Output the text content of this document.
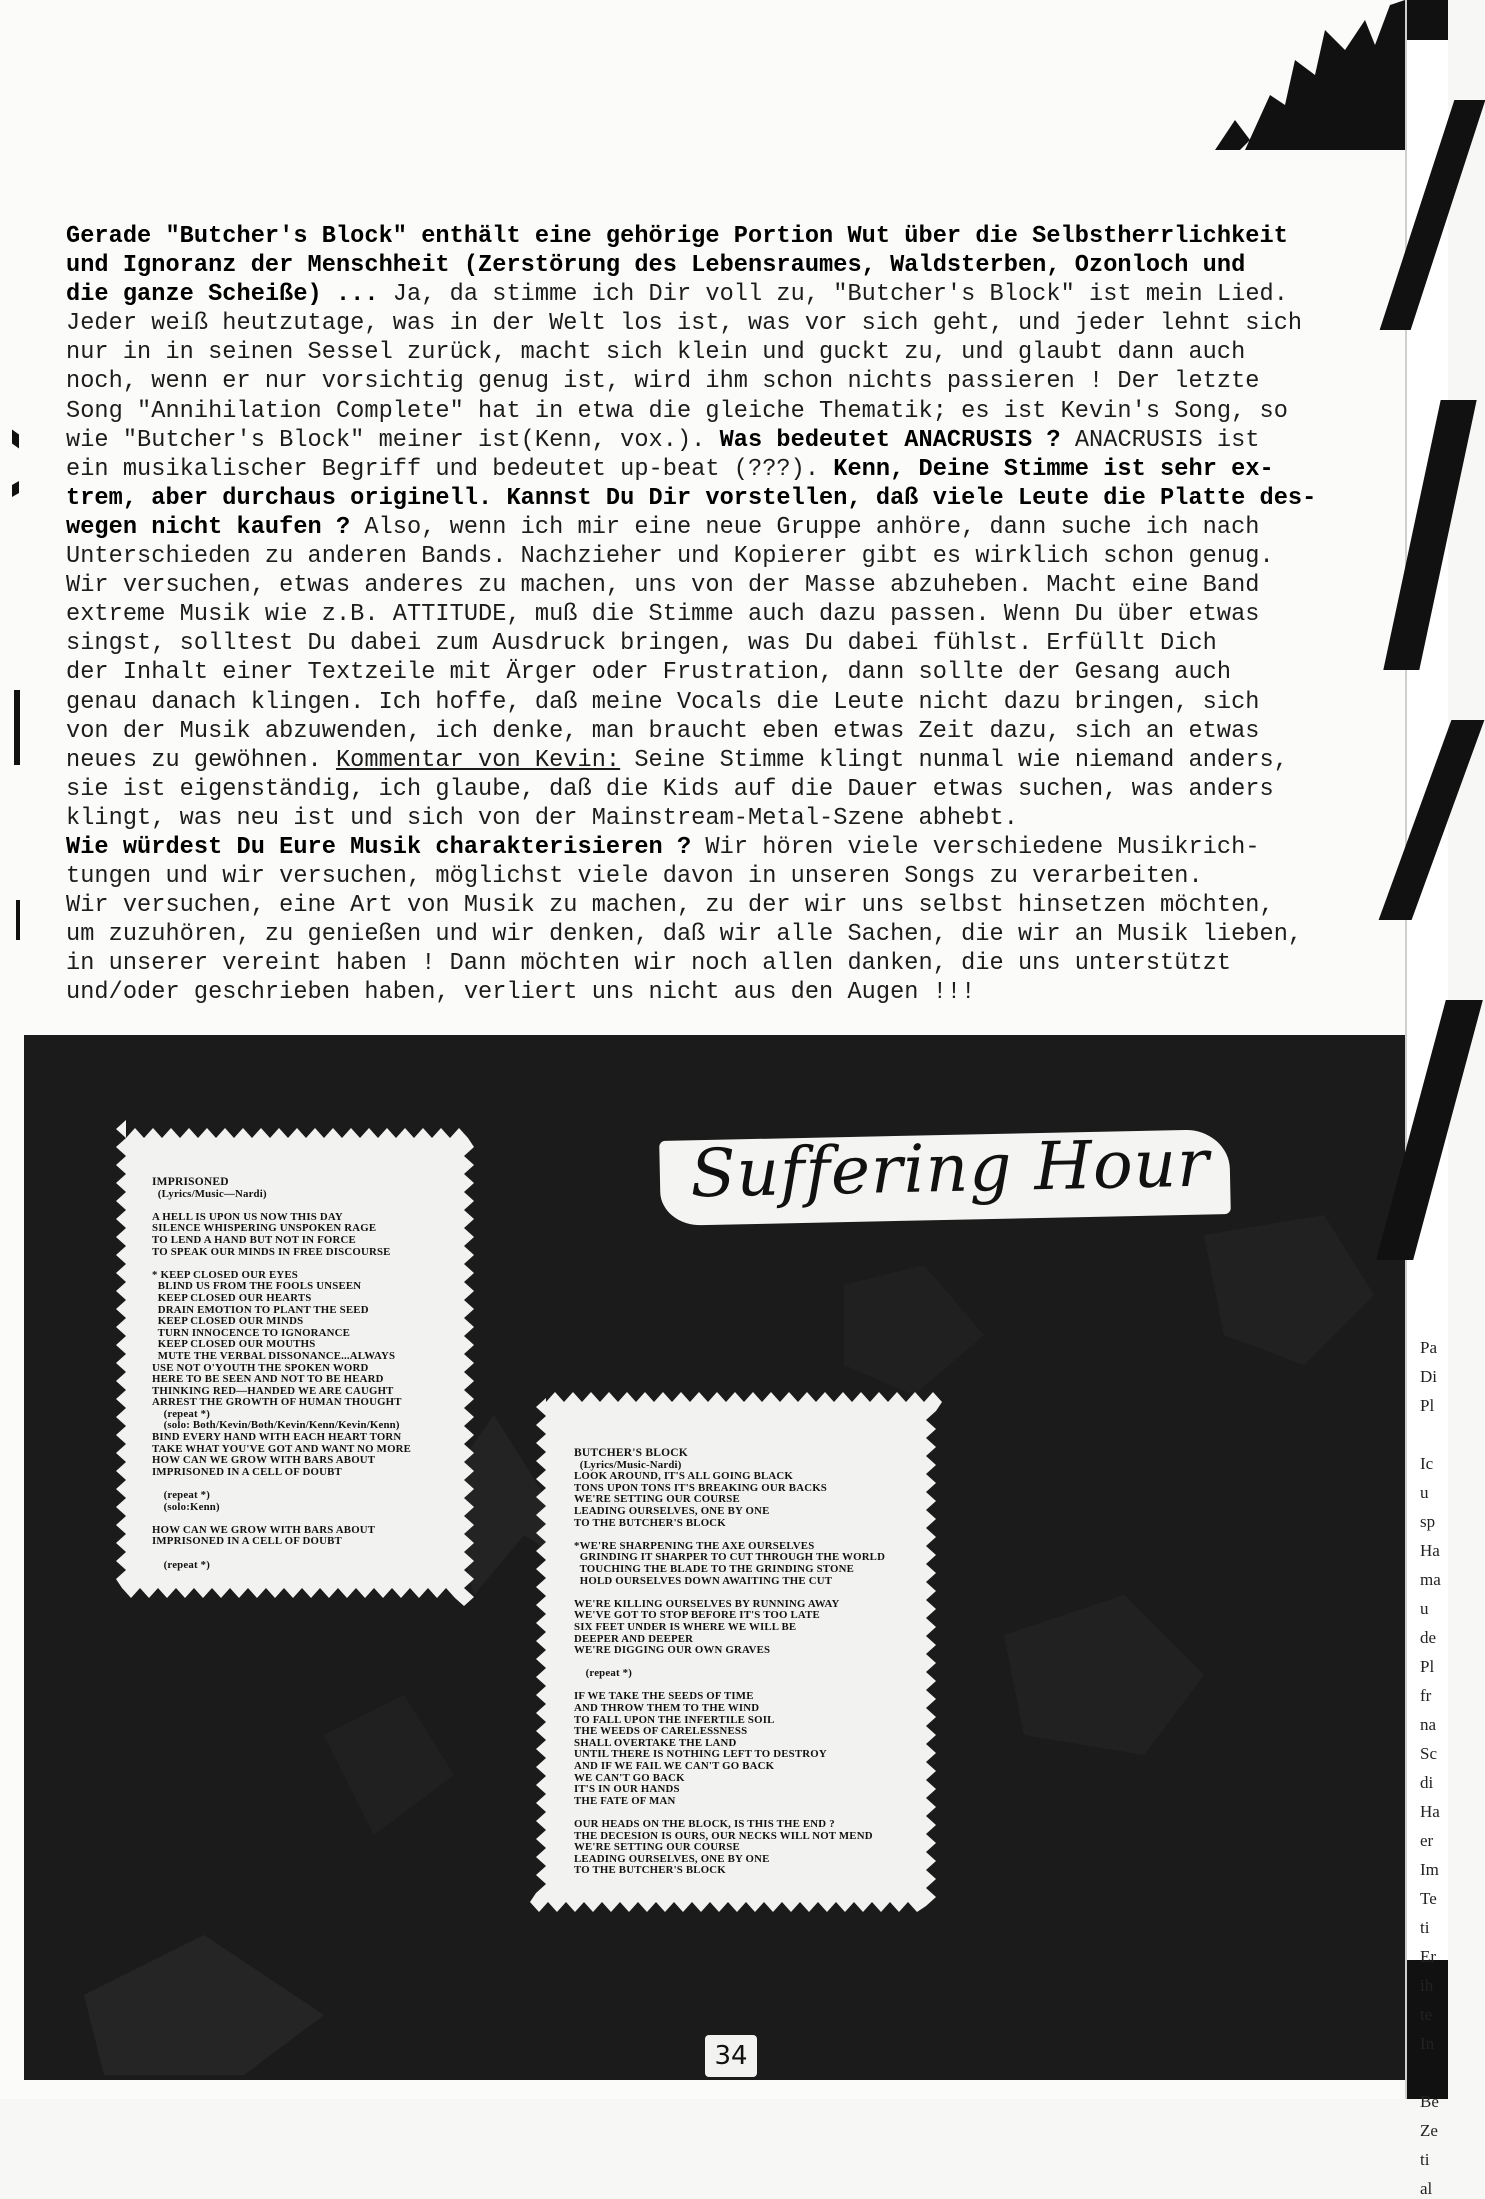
Gerade "Butcher's Block" enthält eine gehörige Portion Wut über die Selbstherrlichkeit
und Ignoranz der Menschheit (Zerstörung des Lebensraumes, Waldsterben, Ozonloch und
die ganze Scheiße) ... Ja, da stimme ich Dir voll zu, "Butcher's Block" ist mein Lied.
Jeder weiß heutzutage, was in der Welt los ist, was vor sich geht, und jeder lehnt sich
nur in in seinen Sessel zurück, macht sich klein und guckt zu, und glaubt dann auch
noch, wenn er nur vorsichtig genug ist, wird ihm schon nichts passieren ! Der letzte
Song "Annihilation Complete" hat in etwa die gleiche Thematik; es ist Kevin's Song, so
wie "Butcher's Block" meiner ist(Kenn, vox.). Was bedeutet ANACRUSIS ? ANACRUSIS ist
ein musikalischer Begriff und bedeutet up-beat (???). Kenn, Deine Stimme ist sehr ex-
trem, aber durchaus originell. Kannst Du Dir vorstellen, daß viele Leute die Platte des-
wegen nicht kaufen ? Also, wenn ich mir eine neue Gruppe anhöre, dann suche ich nach
Unterschieden zu anderen Bands. Nachzieher und Kopierer gibt es wirklich schon genug.
Wir versuchen, etwas anderes zu machen, uns von der Masse abzuheben. Macht eine Band
extreme Musik wie z.B. ATTITUDE, muß die Stimme auch dazu passen. Wenn Du über etwas
singst, solltest Du dabei zum Ausdruck bringen, was Du dabei fühlst. Erfüllt Dich
der Inhalt einer Textzeile mit Ärger oder Frustration, dann sollte der Gesang auch
genau danach klingen. Ich hoffe, daß meine Vocals die Leute nicht dazu bringen, sich
von der Musik abzuwenden, ich denke, man braucht eben etwas Zeit dazu, sich an etwas
neues zu gewöhnen. Kommentar von Kevin: Seine Stimme klingt nunmal wie niemand anders,
sie ist eigenständig, ich glaube, daß die Kids auf die Dauer etwas suchen, was anders
klingt, was neu ist und sich von der Mainstream-Metal-Szene abhebt.
Wie würdest Du Eure Musik charakterisieren ? Wir hören viele verschiedene Musikrich-
tungen und wir versuchen, möglichst viele davon in unseren Songs zu verarbeiten.
Wir versuchen, eine Art von Musik zu machen, zu der wir uns selbst hinsetzen möchten,
um zuzuhören, zu genießen und wir denken, daß wir alle Sachen, die wir an Musik lieben,
in unserer vereint haben ! Dann möchten wir noch allen danken, die uns unterstützt
und/oder geschrieben haben, verliert uns nicht aus den Augen !!!
Suffering Hour
IMPRISONED
(Lyrics/Music—Nardi)

A HELL IS UPON US NOW THIS DAY
SILENCE WHISPERING UNSPOKEN RAGE
TO LEND A HAND BUT NOT IN FORCE
TO SPEAK OUR MINDS IN FREE DISCOURSE

* KEEP CLOSED OUR EYES
BLIND US FROM THE FOOLS UNSEEN
KEEP CLOSED OUR HEARTS
DRAIN EMOTION TO PLANT THE SEED
KEEP CLOSED OUR MINDS
TURN INNOCENCE TO IGNORANCE
KEEP CLOSED OUR MOUTHS
MUTE THE VERBAL DISSONANCE...ALWAYS
USE NOT O'YOUTH THE SPOKEN WORD
HERE TO BE SEEN AND NOT TO BE HEARD
THINKING RED—HANDED WE ARE CAUGHT
ARREST THE GROWTH OF HUMAN THOUGHT
(repeat *)
(solo: Both/Kevin/Both/Kevin/Kenn/Kevin/Kenn)
BIND EVERY HAND WITH EACH HEART TORN
TAKE WHAT YOU'VE GOT AND WANT NO MORE
HOW CAN WE GROW WITH BARS ABOUT
IMPRISONED IN A CELL OF DOUBT

(repeat *)
(solo:Kenn)

HOW CAN WE GROW WITH BARS ABOUT
IMPRISONED IN A CELL OF DOUBT

(repeat *)
BUTCHER'S BLOCK
(Lyrics/Music-Nardi)
LOOK AROUND, IT'S ALL GOING BLACK
TONS UPON TONS IT'S BREAKING OUR BACKS
WE'RE SETTING OUR COURSE
LEADING OURSELVES, ONE BY ONE
TO THE BUTCHER'S BLOCK

*WE'RE SHARPENING THE AXE OURSELVES
GRINDING IT SHARPER TO CUT THROUGH THE WORLD
TOUCHING THE BLADE TO THE GRINDING STONE
HOLD OURSELVES DOWN AWAITING THE CUT

WE'RE KILLING OURSELVES BY RUNNING AWAY
WE'VE GOT TO STOP BEFORE IT'S TOO LATE
SIX FEET UNDER IS WHERE WE WILL BE
DEEPER AND DEEPER
WE'RE DIGGING OUR OWN GRAVES

(repeat *)

IF WE TAKE THE SEEDS OF TIME
AND THROW THEM TO THE WIND
TO FALL UPON THE INFERTILE SOIL
THE WEEDS OF CARELESSNESS
SHALL OVERTAKE THE LAND
UNTIL THERE IS NOTHING LEFT TO DESTROY
AND IF WE FAIL WE CAN'T GO BACK
WE CAN'T GO BACK
IT'S IN OUR HANDS
THE FATE OF MAN

OUR HEADS ON THE BLOCK, IS THIS THE END ?
THE DECESION IS OURS, OUR NECKS WILL NOT MEND
WE'RE SETTING OUR COURSE
LEADING OURSELVES, ONE BY ONE
TO THE BUTCHER'S BLOCK
34
Pa
Di
Pl
Ic
u
sp
Ha
ma
u
de
Pl
fr
na
Sc
di
Ha
er
Im
Te
ti
Er
ih
te
In
Be
Ze
ti
al
